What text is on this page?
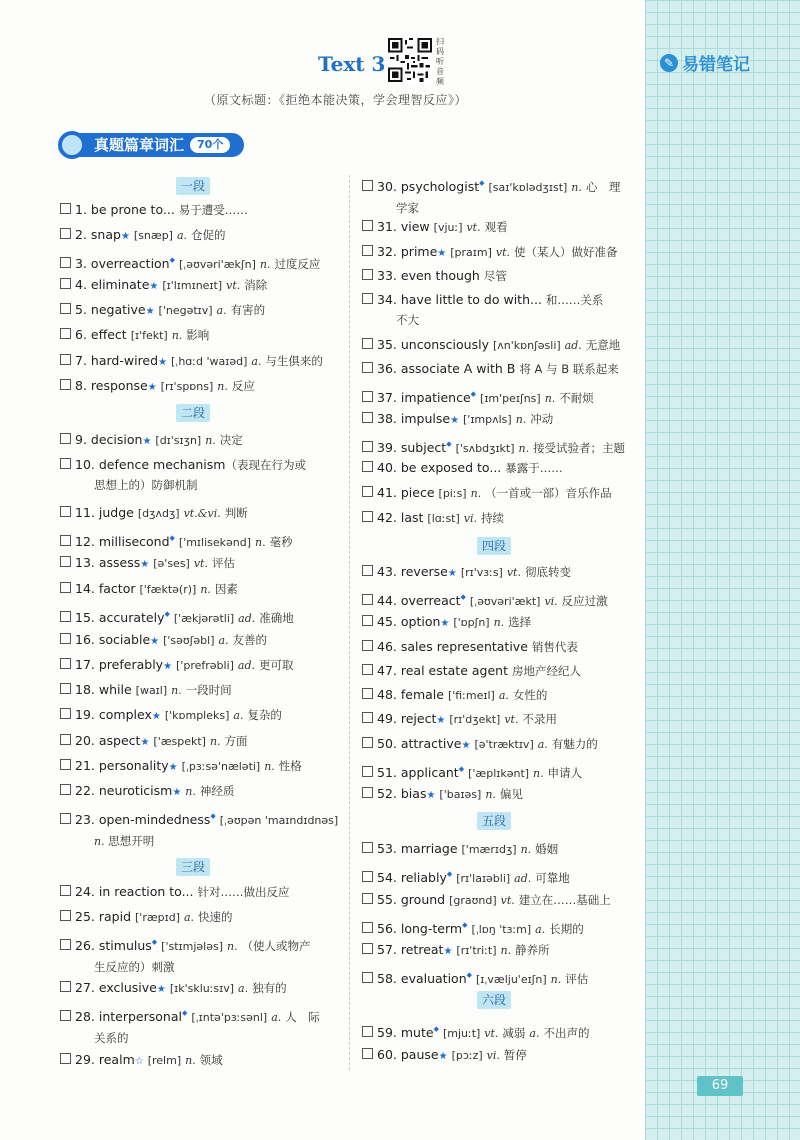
✎ 易错笔记
Text 3
扫码听音频
（原文标题：《拒绝本能决策，学会理智反应》）
真题篇章词汇	70个
一段
二段
三段
四段
五段
六段
1. be prone to... 易于遭受……
2. snap★ [snæp] a. 仓促的
3. overreaction◆ [ˌəʊvəri'ækʃn] n. 过度反应
4. eliminate★ [ɪ'lɪmɪneɪt] vt. 消除
5. negative★ ['negətɪv] a. 有害的
6. effect [ɪ'fekt] n. 影响
7. hard-wired★ [ˌhɑːd 'waɪəd] a. 与生俱来的
8. response★ [rɪ'spɒns] n. 反应
9. decision★ [dɪ'sɪʒn] n. 决定
10. defence mechanism（表现在行为或
思想上的）防御机制
11. judge [dʒʌdʒ] vt.&vi. 判断
12. millisecond◆ ['mɪlisekənd] n. 毫秒
13. assess★ [ə'ses] vt. 评估
14. factor ['fæktə(r)] n. 因素
15. accurately◆ ['ækjərətli] ad. 准确地
16. sociable★ ['səʊʃəbl] a. 友善的
17. preferably★ ['prefrəbli] ad. 更可取
18. while [waɪl] n. 一段时间
19. complex★ ['kɒmpleks] a. 复杂的
20. aspect★ ['æspekt] n. 方面
21. personality★ [ˌpɜːsə'næləti] n. 性格
22. neuroticism★ n. 神经质
23. open-mindedness◆ [ˌəʊpən 'maɪndɪdnəs]
n. 思想开明
24. in reaction to... 针对……做出反应
25. rapid ['ræpɪd] a. 快速的
26. stimulus◆ ['stɪmjələs] n. （使人或物产
生反应的）刺激
27. exclusive★ [ɪk'skluːsɪv] a. 独有的
28. interpersonal◆ [ˌɪntə'pɜːsənl] a. 人　际
关系的
29. realm☆ [relm] n. 领域
30. psychologist◆ [saɪ'kɒlədʒɪst] n. 心　理
学家
31. view [vjuː] vt. 观看
32. prime★ [praɪm] vt. 使（某人）做好准备
33. even though 尽管
34. have little to do with... 和……关系
不大
35. unconsciously [ʌn'kɒnʃəsli] ad. 无意地
36. associate A with B 将 A 与 B 联系起来
37. impatience◆ [ɪm'peɪʃns] n. 不耐烦
38. impulse★ ['ɪmpʌls] n. 冲动
39. subject◆ ['sʌbdʒɪkt] n. 接受试验者；主题
40. be exposed to... 暴露于……
41. piece [piːs] n. （一首或一部）音乐作品
42. last [lɑːst] vi. 持续
43. reverse★ [rɪ'vɜːs] vt. 彻底转变
44. overreact◆ [ˌəʊvəri'ækt] vi. 反应过激
45. option★ ['ɒpʃn] n. 选择
46. sales representative 销售代表
47. real estate agent 房地产经纪人
48. female ['fiːmeɪl] a. 女性的
49. reject★ [rɪ'dʒekt] vt. 不录用
50. attractive★ [ə'træktɪv] a. 有魅力的
51. applicant◆ ['æplɪkənt] n. 申请人
52. bias★ ['baɪəs] n. 偏见
53. marriage ['mærɪdʒ] n. 婚姻
54. reliably◆ [rɪ'laɪəbli] ad. 可靠地
55. ground [graʊnd] vt. 建立在……基础上
56. long-term◆ [ˌlɒŋ 'tɜːm] a. 长期的
57. retreat★ [rɪ'triːt] n. 静养所
58. evaluation◆ [ɪˌvælju'eɪʃn] n. 评估
59. mute◆ [mjuːt] vt. 减弱 a. 不出声的
60. pause★ [pɔːz] vi. 暂停
69
